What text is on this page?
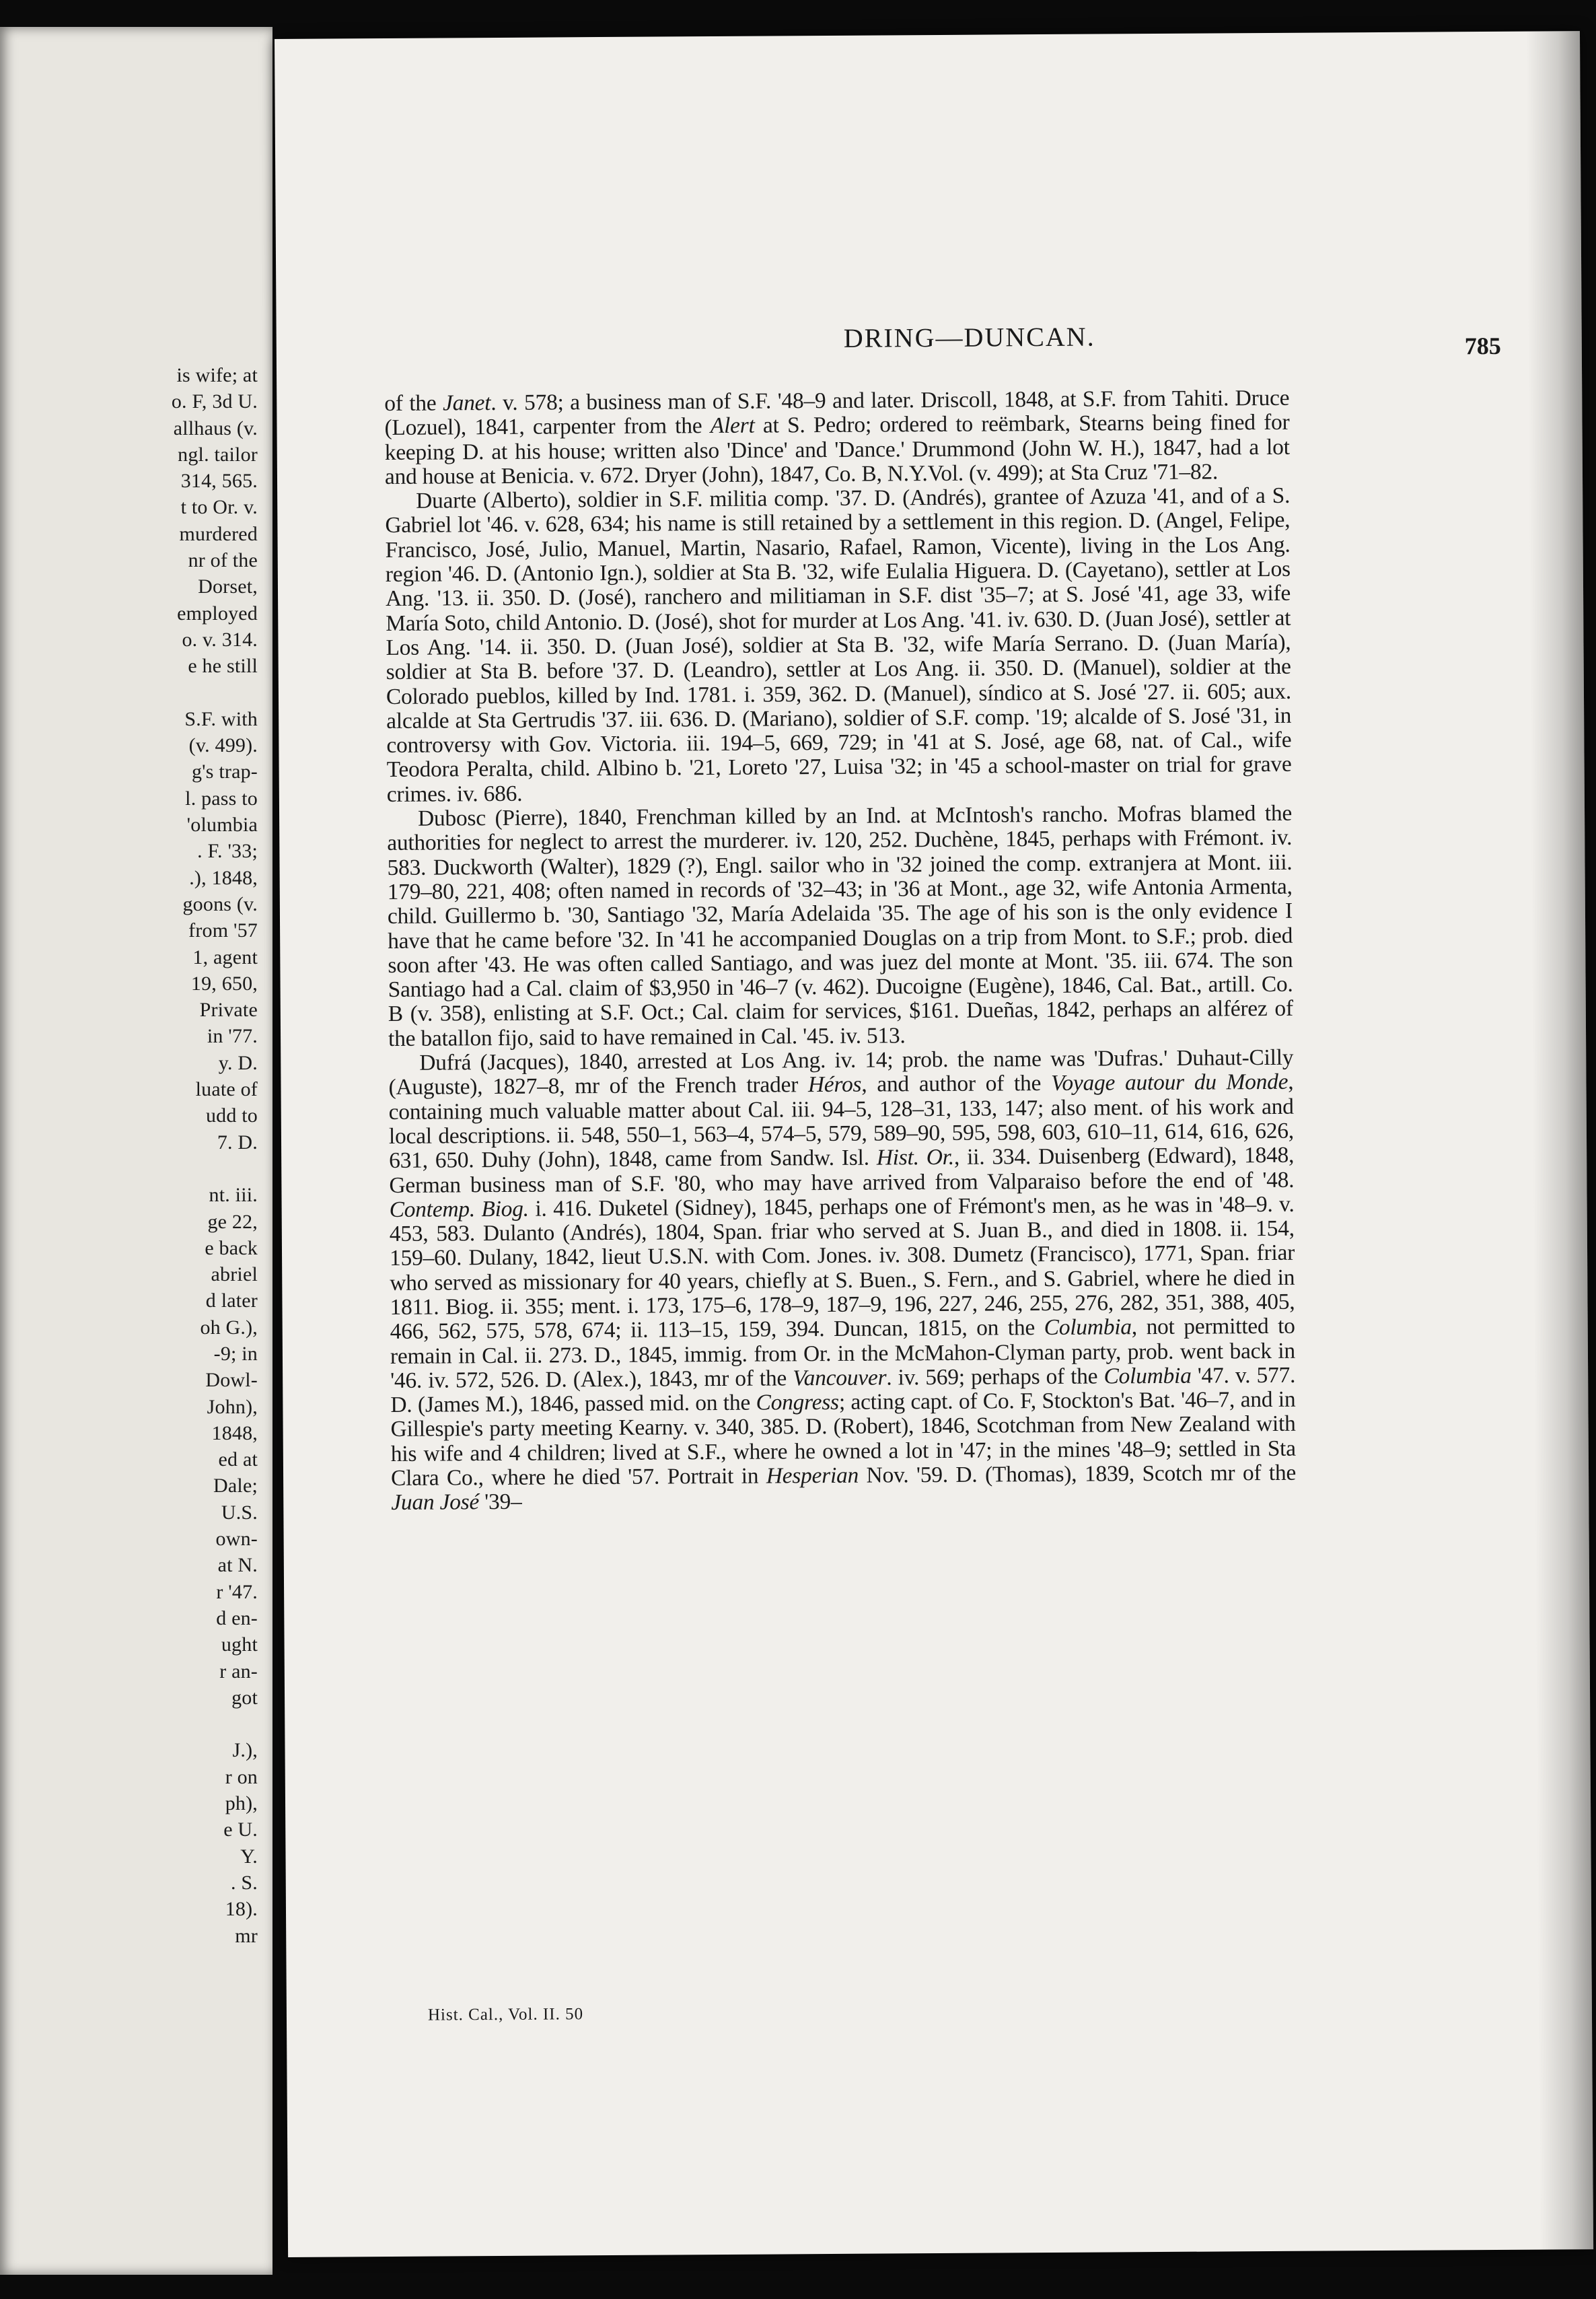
is wife; at
o. F, 3d U.
allhaus (v.
ngl. tailor
314, 565.
t to Or. v.
murdered
nr of the
Dorset,
employed
o. v. 314.
e he still

S.F. with
(v. 499).
g's trap-
l. pass to
'olumbia
. F. '33;
.), 1848,
goons (v.
from '57
1, agent
19, 650,
Private
in '77.
y. D.
luate of
udd to
7. D.

nt. iii.
ge 22,
e back
abriel
d later
oh G.),
-9; in
Dowl-
John),
1848,
ed at
Dale;
U.S.
own-
at N.
r '47.
d en-
ught
r an-
got

J.),
r on
ph),
e U.
Y.
. S.
18).
mr
DRING—DUNCAN.	785

of the Janet. v. 578; a business man of S.F. '48–9 and later. Driscoll, 1848, at S.F. from Tahiti. Druce (Lozuel), 1841, carpenter from the Alert at S. Pedro; ordered to reëmbark, Stearns being fined for keeping D. at his house; written also 'Dince' and 'Dance.' Drummond (John W. H.), 1847, had a lot and house at Benicia. v. 672. Dryer (John), 1847, Co. B, N.Y.Vol. (v. 499); at Sta Cruz '71–82.

Duarte (Alberto), soldier in S.F. militia comp. '37. D. (Andrés), grantee of Azuza '41, and of a S. Gabriel lot '46. v. 628, 634; his name is still retained by a settlement in this region. D. (Angel, Felipe, Francisco, José, Julio, Manuel, Martin, Nasario, Rafael, Ramon, Vicente), living in the Los Ang. region '46. D. (Antonio Ign.), soldier at Sta B. '32, wife Eulalia Higuera. D. (Cayetano), settler at Los Ang. '13. ii. 350. D. (José), ranchero and militiaman in S.F. dist '35–7; at S. José '41, age 33, wife María Soto, child Antonio. D. (José), shot for murder at Los Ang. '41. iv. 630. D. (Juan José), settler at Los Ang. '14. ii. 350. D. (Juan José), soldier at Sta B. '32, wife María Serrano. D. (Juan María), soldier at Sta B. before '37. D. (Leandro), settler at Los Ang. ii. 350. D. (Manuel), soldier at the Colorado pueblos, killed by Ind. 1781. i. 359, 362. D. (Manuel), síndico at S. José '27. ii. 605; aux. alcalde at Sta Gertrudis '37. iii. 636. D. (Mariano), soldier of S.F. comp. '19; alcalde of S. José '31, in controversy with Gov. Victoria. iii. 194–5, 669, 729; in '41 at S. José, age 68, nat. of Cal., wife Teodora Peralta, child. Albino b. '21, Loreto '27, Luisa '32; in '45 a school-master on trial for grave crimes. iv. 686.

Dubosc (Pierre), 1840, Frenchman killed by an Ind. at McIntosh's rancho. Mofras blamed the authorities for neglect to arrest the murderer. iv. 120, 252. Duchène, 1845, perhaps with Frémont. iv. 583. Duckworth (Walter), 1829 (?), Engl. sailor who in '32 joined the comp. extranjera at Mont. iii. 179–80, 221, 408; often named in records of '32–43; in '36 at Mont., age 32, wife Antonia Armenta, child. Guillermo b. '30, Santiago '32, María Adelaida '35. The age of his son is the only evidence I have that he came before '32. In '41 he accompanied Douglas on a trip from Mont. to S.F.; prob. died soon after '43. He was often called Santiago, and was juez del monte at Mont. '35. iii. 674. The son Santiago had a Cal. claim of $3,950 in '46–7 (v. 462). Ducoigne (Eugène), 1846, Cal. Bat., artill. Co. B (v. 358), enlisting at S.F. Oct.; Cal. claim for services, $161. Dueñas, 1842, perhaps an alférez of the batallon fijo, said to have remained in Cal. '45. iv. 513.

Dufrá (Jacques), 1840, arrested at Los Ang. iv. 14; prob. the name was 'Dufras.' Duhaut-Cilly (Auguste), 1827–8, mr of the French trader Héros, and author of the Voyage autour du Monde, containing much valuable matter about Cal. iii. 94–5, 128–31, 133, 147; also ment. of his work and local descriptions. ii. 548, 550–1, 563–4, 574–5, 579, 589–90, 595, 598, 603, 610–11, 614, 616, 626, 631, 650. Duhy (John), 1848, came from Sandw. Isl. Hist. Or., ii. 334. Duisenberg (Edward), 1848, German business man of S.F. '80, who may have arrived from Valparaiso before the end of '48. Contemp. Biog. i. 416. Duketel (Sidney), 1845, perhaps one of Frémont's men, as he was in '48–9. v. 453, 583. Dulanto (Andrés), 1804, Span. friar who served at S. Juan B., and died in 1808. ii. 154, 159–60. Dulany, 1842, lieut U.S.N. with Com. Jones. iv. 308. Dumetz (Francisco), 1771, Span. friar who served as missionary for 40 years, chiefly at S. Buen., S. Fern., and S. Gabriel, where he died in 1811. Biog. ii. 355; ment. i. 173, 175–6, 178–9, 187–9, 196, 227, 246, 255, 276, 282, 351, 388, 405, 466, 562, 575, 578, 674; ii. 113–15, 159, 394. Duncan, 1815, on the Columbia, not permitted to remain in Cal. ii. 273. D., 1845, immig. from Or. in the McMahon-Clyman party, prob. went back in '46. iv. 572, 526. D. (Alex.), 1843, mr of the Vancouver. iv. 569; perhaps of the Columbia '47. v. 577. D. (James M.), 1846, passed mid. on the Congress; acting capt. of Co. F, Stockton's Bat. '46–7, and in Gillespie's party meeting Kearny. v. 340, 385. D. (Robert), 1846, Scotchman from New Zealand with his wife and 4 children; lived at S.F., where he owned a lot in '47; in the mines '48–9; settled in Sta Clara Co., where he died '57. Portrait in Hesperian Nov. '59. D. (Thomas), 1839, Scotch mr of the Juan José '39–

Hist. Cal., Vol. II. 50
